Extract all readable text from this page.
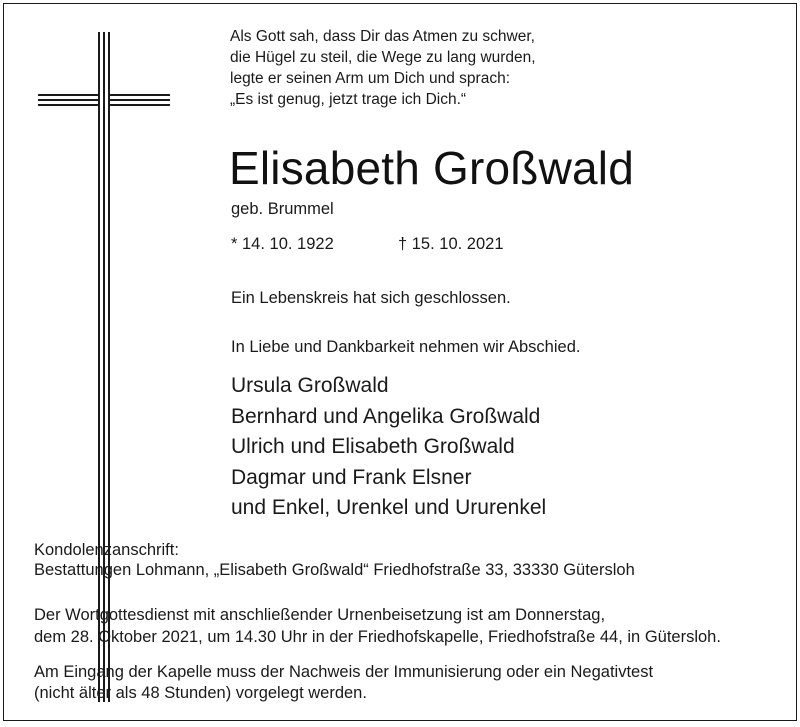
Als Gott sah, dass Dir das Atmen zu schwer,
die Hügel zu steil, die Wege zu lang wurden,
legte er seinen Arm um Dich und sprach:
„Es ist genug, jetzt trage ich Dich.“
Elisabeth Großwald
geb. Brummel
* 14. 10. 1922	† 15. 10. 2021
Ein Lebenskreis hat sich geschlossen.
In Liebe und Dankbarkeit nehmen wir Abschied.
Ursula Großwald
Bernhard und Angelika Großwald
Ulrich und Elisabeth Großwald
Dagmar und Frank Elsner
und Enkel, Urenkel und Ururenkel
Kondolenzanschrift:
Bestattungen Lohmann, „Elisabeth Großwald“ Friedhofstraße 33, 33330 Gütersloh
Der Wortgottesdienst mit anschließender Urnenbeisetzung ist am Donnerstag,
dem 28. Oktober 2021, um 14.30 Uhr in der Friedhofskapelle, Friedhofstraße 44, in Gütersloh.
Am Eingang der Kapelle muss der Nachweis der Immunisierung oder ein Negativtest
(nicht älter als 48 Stunden) vorgelegt werden.
